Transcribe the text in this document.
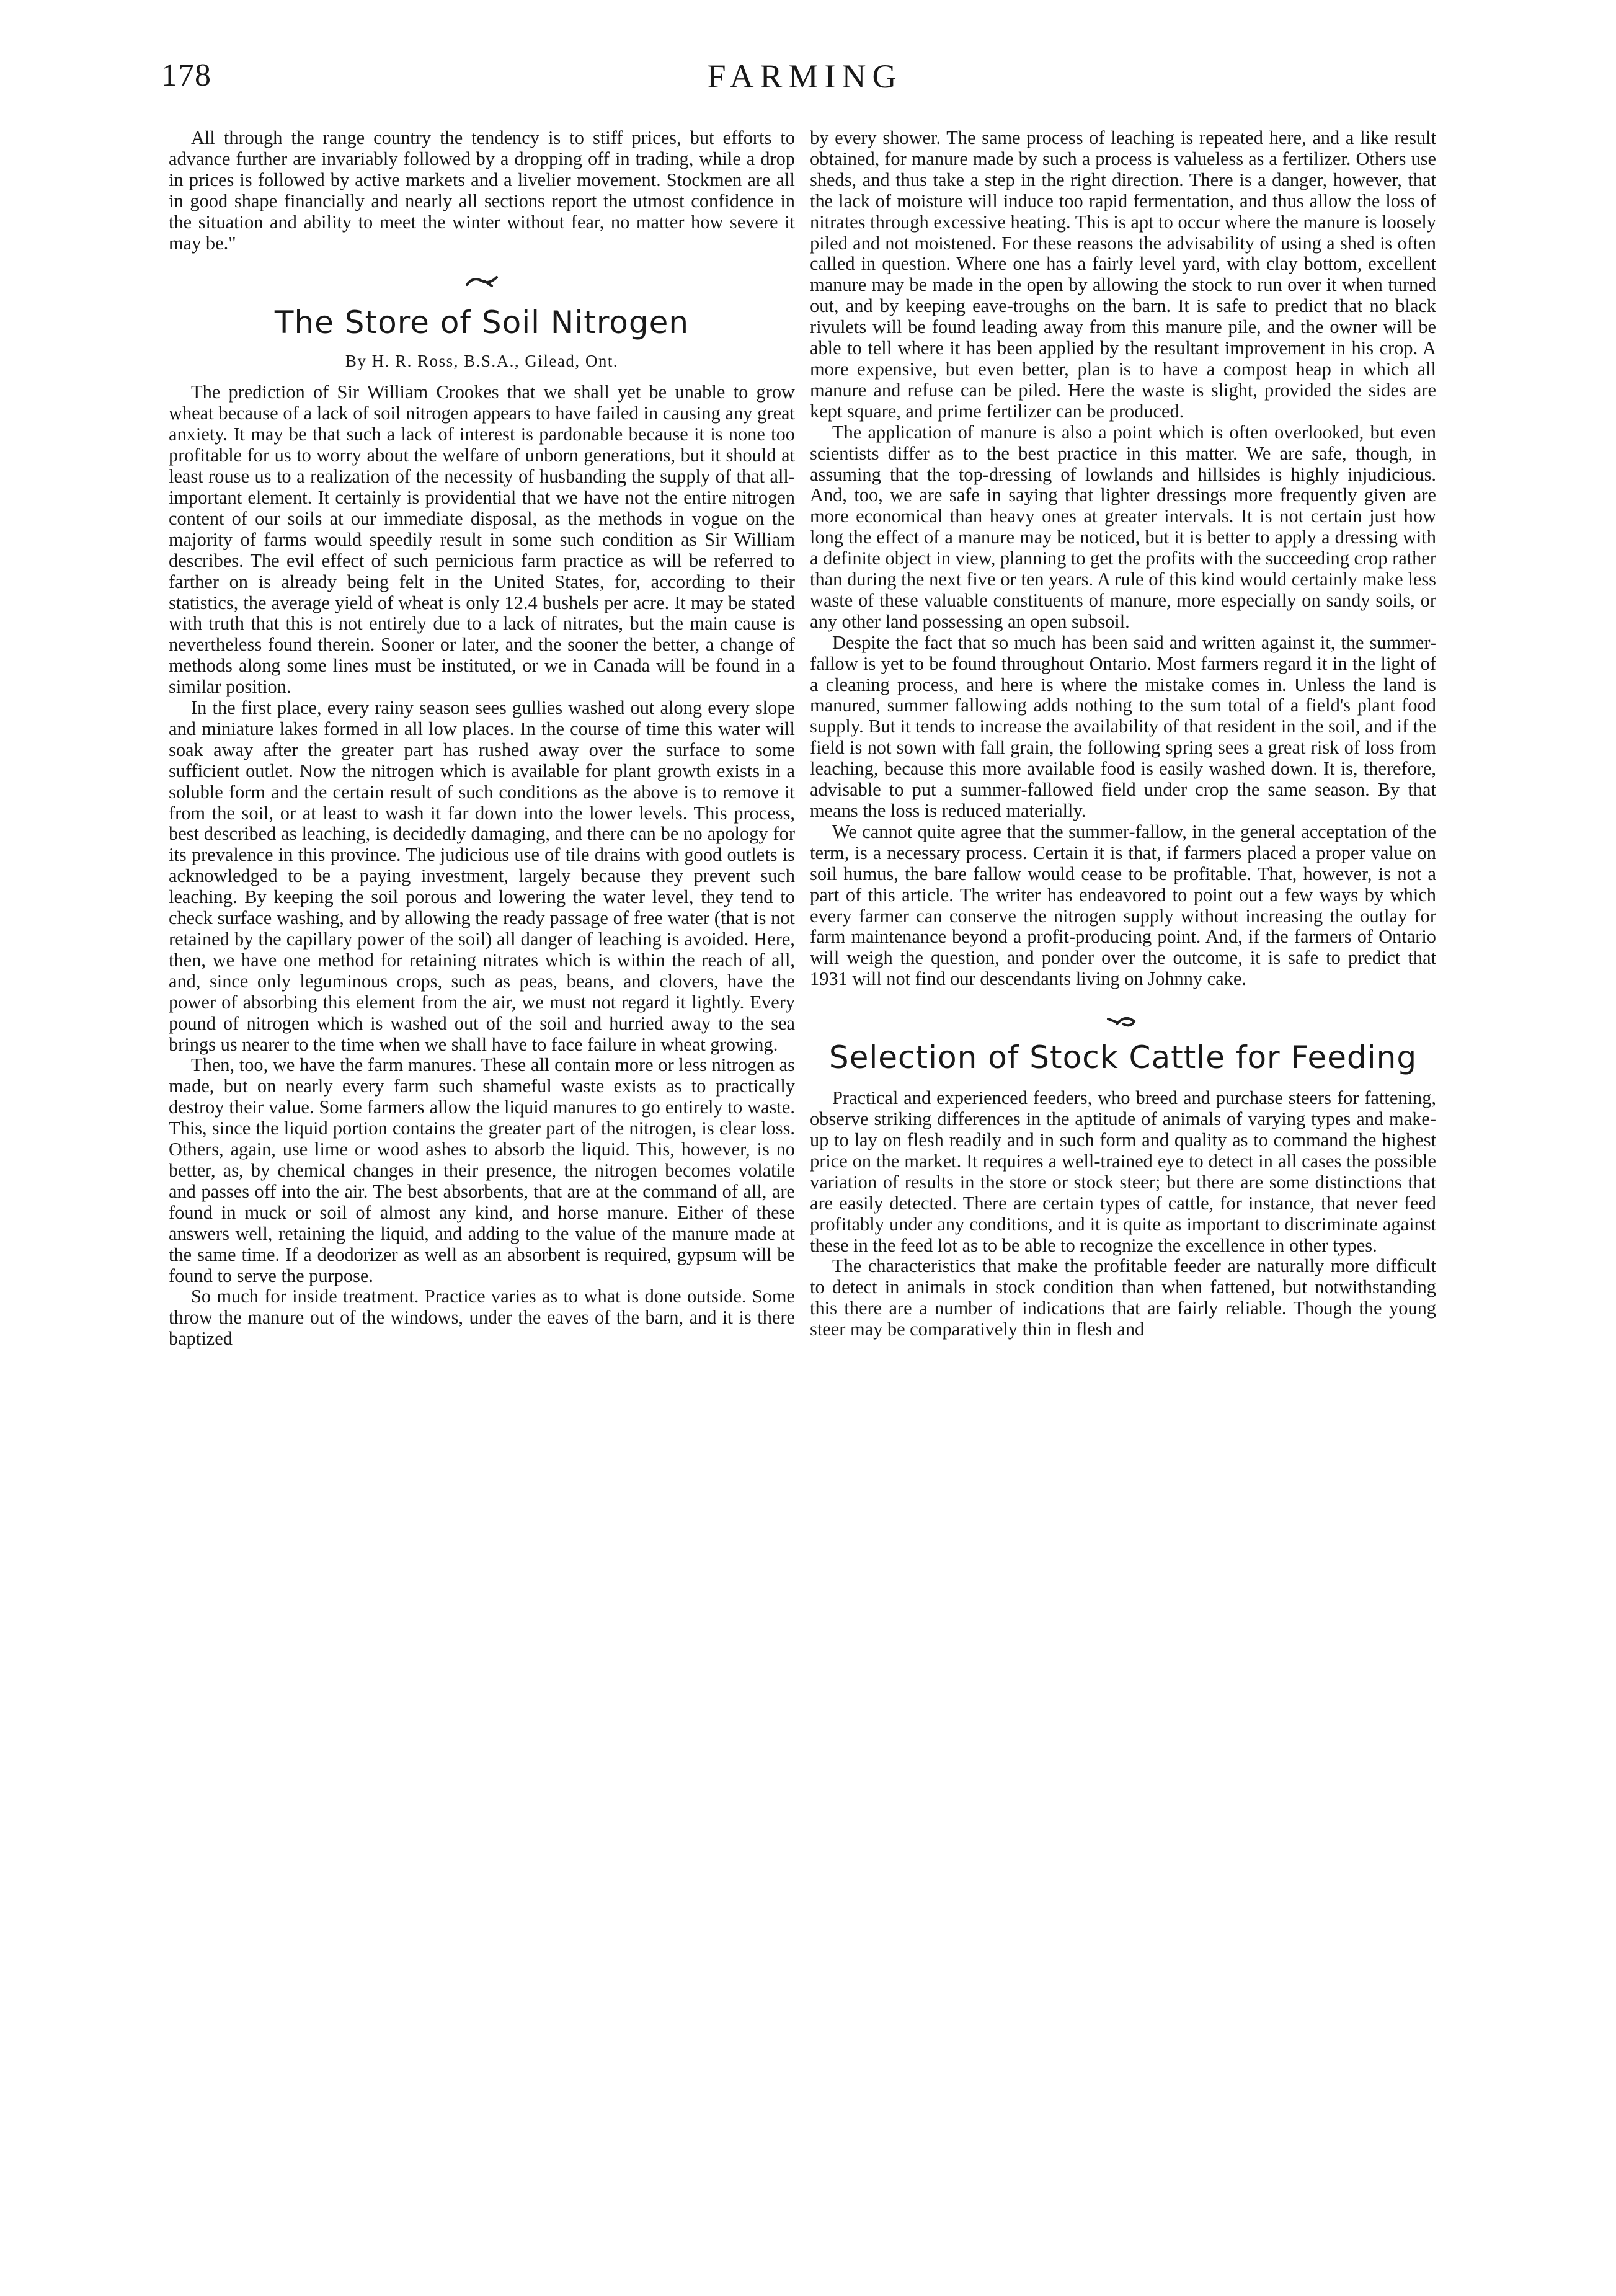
178	FARMING

All through the range country the tendency is to stiff prices, but efforts to advance further are invariably followed by a dropping off in trading, while a drop in prices is followed by active markets and a livelier movement. Stockmen are all in good shape financially and nearly all sections report the utmost confidence in the situation and ability to meet the winter without fear, no matter how severe it may be."

The Store of Soil Nitrogen
By H. R. Ross, B.S.A., Gilead, Ont.

The prediction of Sir William Crookes that we shall yet be unable to grow wheat because of a lack of soil nitrogen appears to have failed in causing any great anxiety. It may be that such a lack of interest is pardonable because it is none too profitable for us to worry about the welfare of unborn generations, but it should at least rouse us to a realization of the necessity of husbanding the supply of that all-important element. It certainly is providential that we have not the entire nitrogen content of our soils at our immediate disposal, as the methods in vogue on the majority of farms would speedily result in some such condition as Sir William describes. The evil effect of such pernicious farm practice as will be referred to farther on is already being felt in the United States, for, according to their statistics, the average yield of wheat is only 12.4 bushels per acre. It may be stated with truth that this is not entirely due to a lack of nitrates, but the main cause is nevertheless found therein. Sooner or later, and the sooner the better, a change of methods along some lines must be instituted, or we in Canada will be found in a similar position.

In the first place, every rainy season sees gullies washed out along every slope and miniature lakes formed in all low places. In the course of time this water will soak away after the greater part has rushed away over the surface to some sufficient outlet. Now the nitrogen which is available for plant growth exists in a soluble form and the certain result of such conditions as the above is to remove it from the soil, or at least to wash it far down into the lower levels. This process, best described as leaching, is decidedly damaging, and there can be no apology for its prevalence in this province. The judicious use of tile drains with good outlets is acknowledged to be a paying investment, largely because they prevent such leaching. By keeping the soil porous and lowering the water level, they tend to check surface washing, and by allowing the ready passage of free water (that is not retained by the capillary power of the soil) all danger of leaching is avoided. Here, then, we have one method for retaining nitrates which is within the reach of all, and, since only leguminous crops, such as peas, beans, and clovers, have the power of absorbing this element from the air, we must not regard it lightly. Every pound of nitrogen which is washed out of the soil and hurried away to the sea brings us nearer to the time when we shall have to face failure in wheat growing.

Then, too, we have the farm manures. These all contain more or less nitrogen as made, but on nearly every farm such shameful waste exists as to practically destroy their value. Some farmers allow the liquid manures to go entirely to waste. This, since the liquid portion contains the greater part of the nitrogen, is clear loss. Others, again, use lime or wood ashes to absorb the liquid. This, however, is no better, as, by chemical changes in their presence, the nitrogen becomes volatile and passes off into the air. The best absorbents, that are at the command of all, are found in muck or soil of almost any kind, and horse manure. Either of these answers well, retaining the liquid, and adding to the value of the manure made at the same time. If a deodorizer as well as an absorbent is required, gypsum will be found to serve the purpose.

So much for inside treatment. Practice varies as to what is done outside. Some throw the manure out of the windows, under the eaves of the barn, and it is there baptized

by every shower. The same process of leaching is repeated here, and a like result obtained, for manure made by such a process is valueless as a fertilizer. Others use sheds, and thus take a step in the right direction. There is a danger, however, that the lack of moisture will induce too rapid fermentation, and thus allow the loss of nitrates through excessive heating. This is apt to occur where the manure is loosely piled and not moistened. For these reasons the advisability of using a shed is often called in question. Where one has a fairly level yard, with clay bottom, excellent manure may be made in the open by allowing the stock to run over it when turned out, and by keeping eave-troughs on the barn. It is safe to predict that no black rivulets will be found leading away from this manure pile, and the owner will be able to tell where it has been applied by the resultant improvement in his crop. A more expensive, but even better, plan is to have a compost heap in which all manure and refuse can be piled. Here the waste is slight, provided the sides are kept square, and prime fertilizer can be produced.

The application of manure is also a point which is often overlooked, but even scientists differ as to the best practice in this matter. We are safe, though, in assuming that the top-dressing of lowlands and hillsides is highly injudicious. And, too, we are safe in saying that lighter dressings more frequently given are more economical than heavy ones at greater intervals. It is not certain just how long the effect of a manure may be noticed, but it is better to apply a dressing with a definite object in view, planning to get the profits with the succeeding crop rather than during the next five or ten years. A rule of this kind would certainly make less waste of these valuable constituents of manure, more especially on sandy soils, or any other land possessing an open subsoil.

Despite the fact that so much has been said and written against it, the summer-fallow is yet to be found throughout Ontario. Most farmers regard it in the light of a cleaning process, and here is where the mistake comes in. Unless the land is manured, summer fallowing adds nothing to the sum total of a field's plant food supply. But it tends to increase the availability of that resident in the soil, and if the field is not sown with fall grain, the following spring sees a great risk of loss from leaching, because this more available food is easily washed down. It is, therefore, advisable to put a summer-fallowed field under crop the same season. By that means the loss is reduced materially.

We cannot quite agree that the summer-fallow, in the general acceptation of the term, is a necessary process. Certain it is that, if farmers placed a proper value on soil humus, the bare fallow would cease to be profitable. That, however, is not a part of this article. The writer has endeavored to point out a few ways by which every farmer can conserve the nitrogen supply without increasing the outlay for farm maintenance beyond a profit-producing point. And, if the farmers of Ontario will weigh the question, and ponder over the outcome, it is safe to predict that 1931 will not find our descendants living on Johnny cake.

Selection of Stock Cattle for Feeding

Practical and experienced feeders, who breed and purchase steers for fattening, observe striking differences in the aptitude of animals of varying types and make-up to lay on flesh readily and in such form and quality as to command the highest price on the market. It requires a well-trained eye to detect in all cases the possible variation of results in the store or stock steer; but there are some distinctions that are easily detected. There are certain types of cattle, for instance, that never feed profitably under any conditions, and it is quite as important to discriminate against these in the feed lot as to be able to recognize the excellence in other types.

The characteristics that make the profitable feeder are naturally more difficult to detect in animals in stock condition than when fattened, but notwithstanding this there are a number of indications that are fairly reliable. Though the young steer may be comparatively thin in flesh and
